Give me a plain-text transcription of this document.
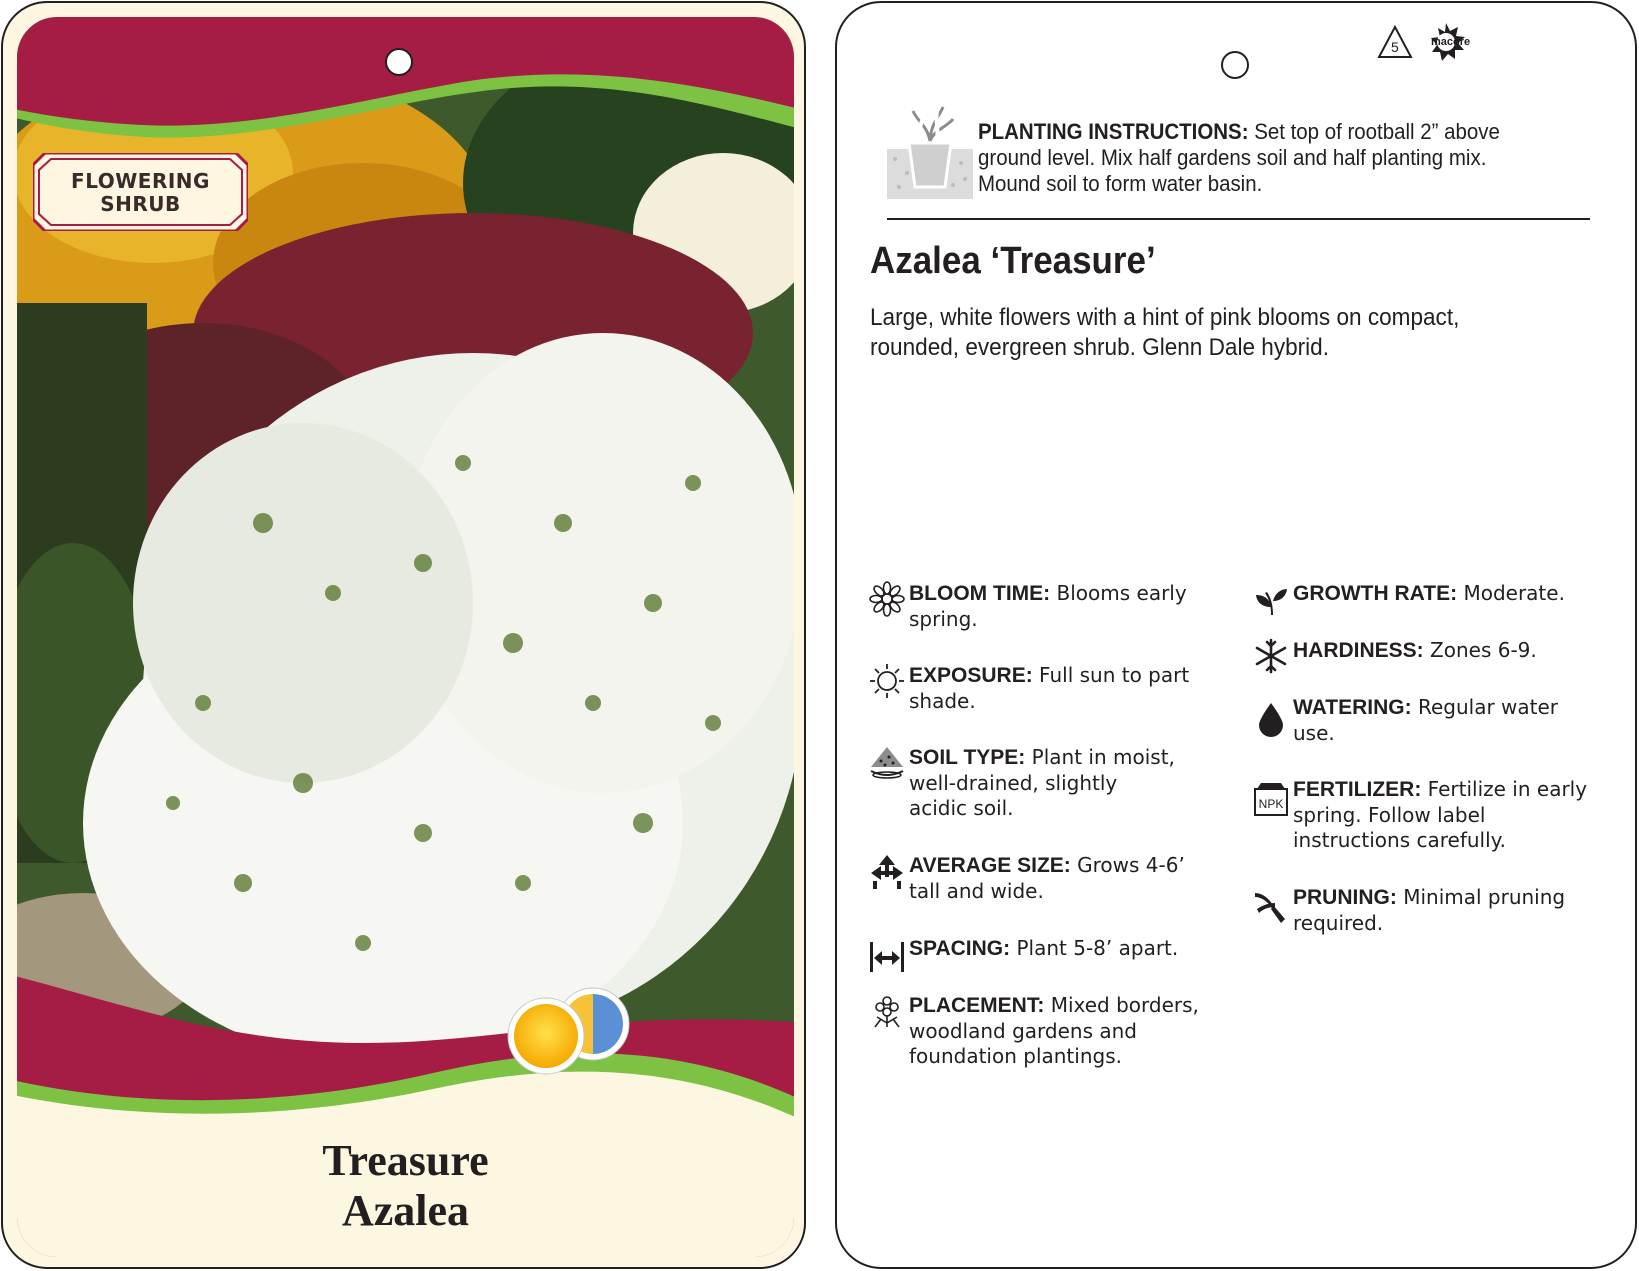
FLOWERING
SHRUB
Treasure
Azalea
5	macore
PLANTING INSTRUCTIONS: Set top of rootball 2” above
ground level. Mix half gardens soil and half planting mix.
Mound soil to form water basin.
Azalea ‘Treasure’
Large, white flowers with a hint of pink blooms on compact,
rounded, evergreen shrub. Glenn Dale hybrid.
BLOOM TIME: Blooms early
spring.
EXPOSURE: Full sun to part
shade.
SOIL TYPE: Plant in moist,
well-drained, slightly
acidic soil.
AVERAGE SIZE: Grows 4-6’
tall and wide.
SPACING: Plant 5-8’ apart.
PLACEMENT: Mixed borders,
woodland gardens and
foundation plantings.
GROWTH RATE: Moderate.
HARDINESS: Zones 6-9.
WATERING: Regular water
use.
NPK
FERTILIZER: Fertilize in early
spring. Follow label
instructions carefully.
PRUNING: Minimal pruning
required.
